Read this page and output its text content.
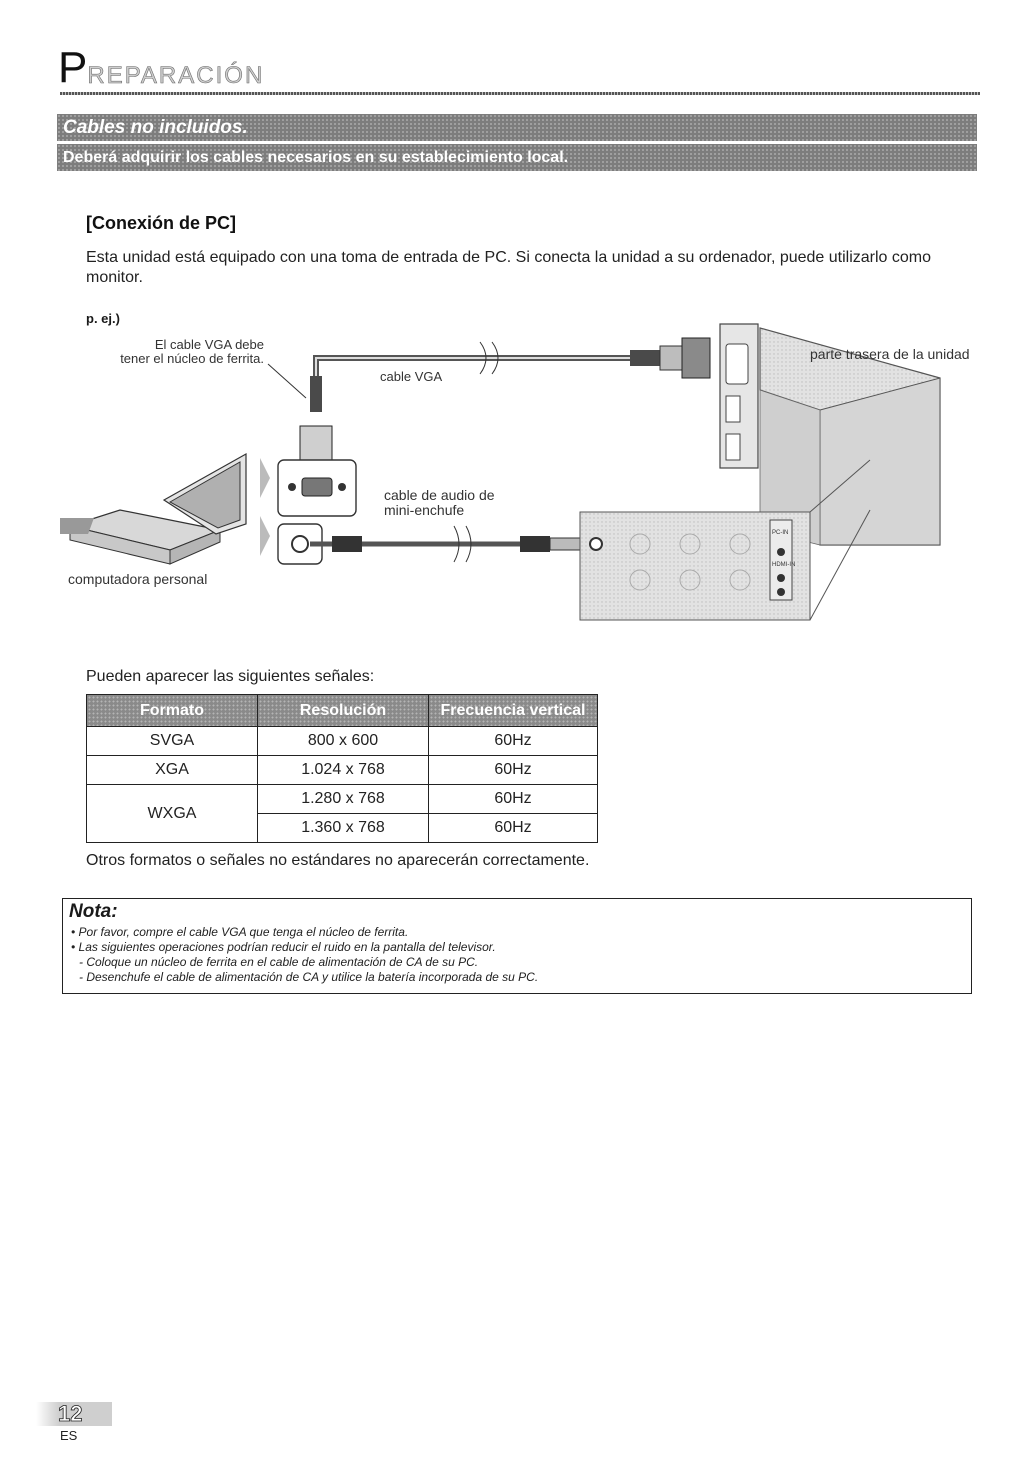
PREPARACIÓN
Cables no incluidos.
Deberá adquirir los cables necesarios en su establecimiento local.
[Conexión de PC]
Esta unidad está equipado con una toma de entrada de PC. Si conecta la unidad a su ordenador, puede utilizarlo como monitor.
p. ej.)
PC-IN
HDMI-IN
El cable VGA debe
tener el núcleo de ferrita.
cable VGA
parte trasera de la unidad
cable de audio de
mini-enchufe
computadora personal
Pueden aparecer las siguientes señales:
Formato	Resolución	Frecuencia vertical
SVGA	800 x 600	60Hz
XGA	1.024 x 768	60Hz
WXGA	1.280 x 768	60Hz
	1.360 x 768	60Hz
Otros formatos o señales no estándares no aparecerán correctamente.
Nota:
• Por favor, compre el cable VGA que tenga el núcleo de ferrita.
• Las siguientes operaciones podrían reducir el ruido en la pantalla del televisor.
- Coloque un núcleo de ferrita en el cable de alimentación de CA de su PC.
- Desenchufe el cable de alimentación de CA y utilice la batería incorporada de su PC.
12
ES
